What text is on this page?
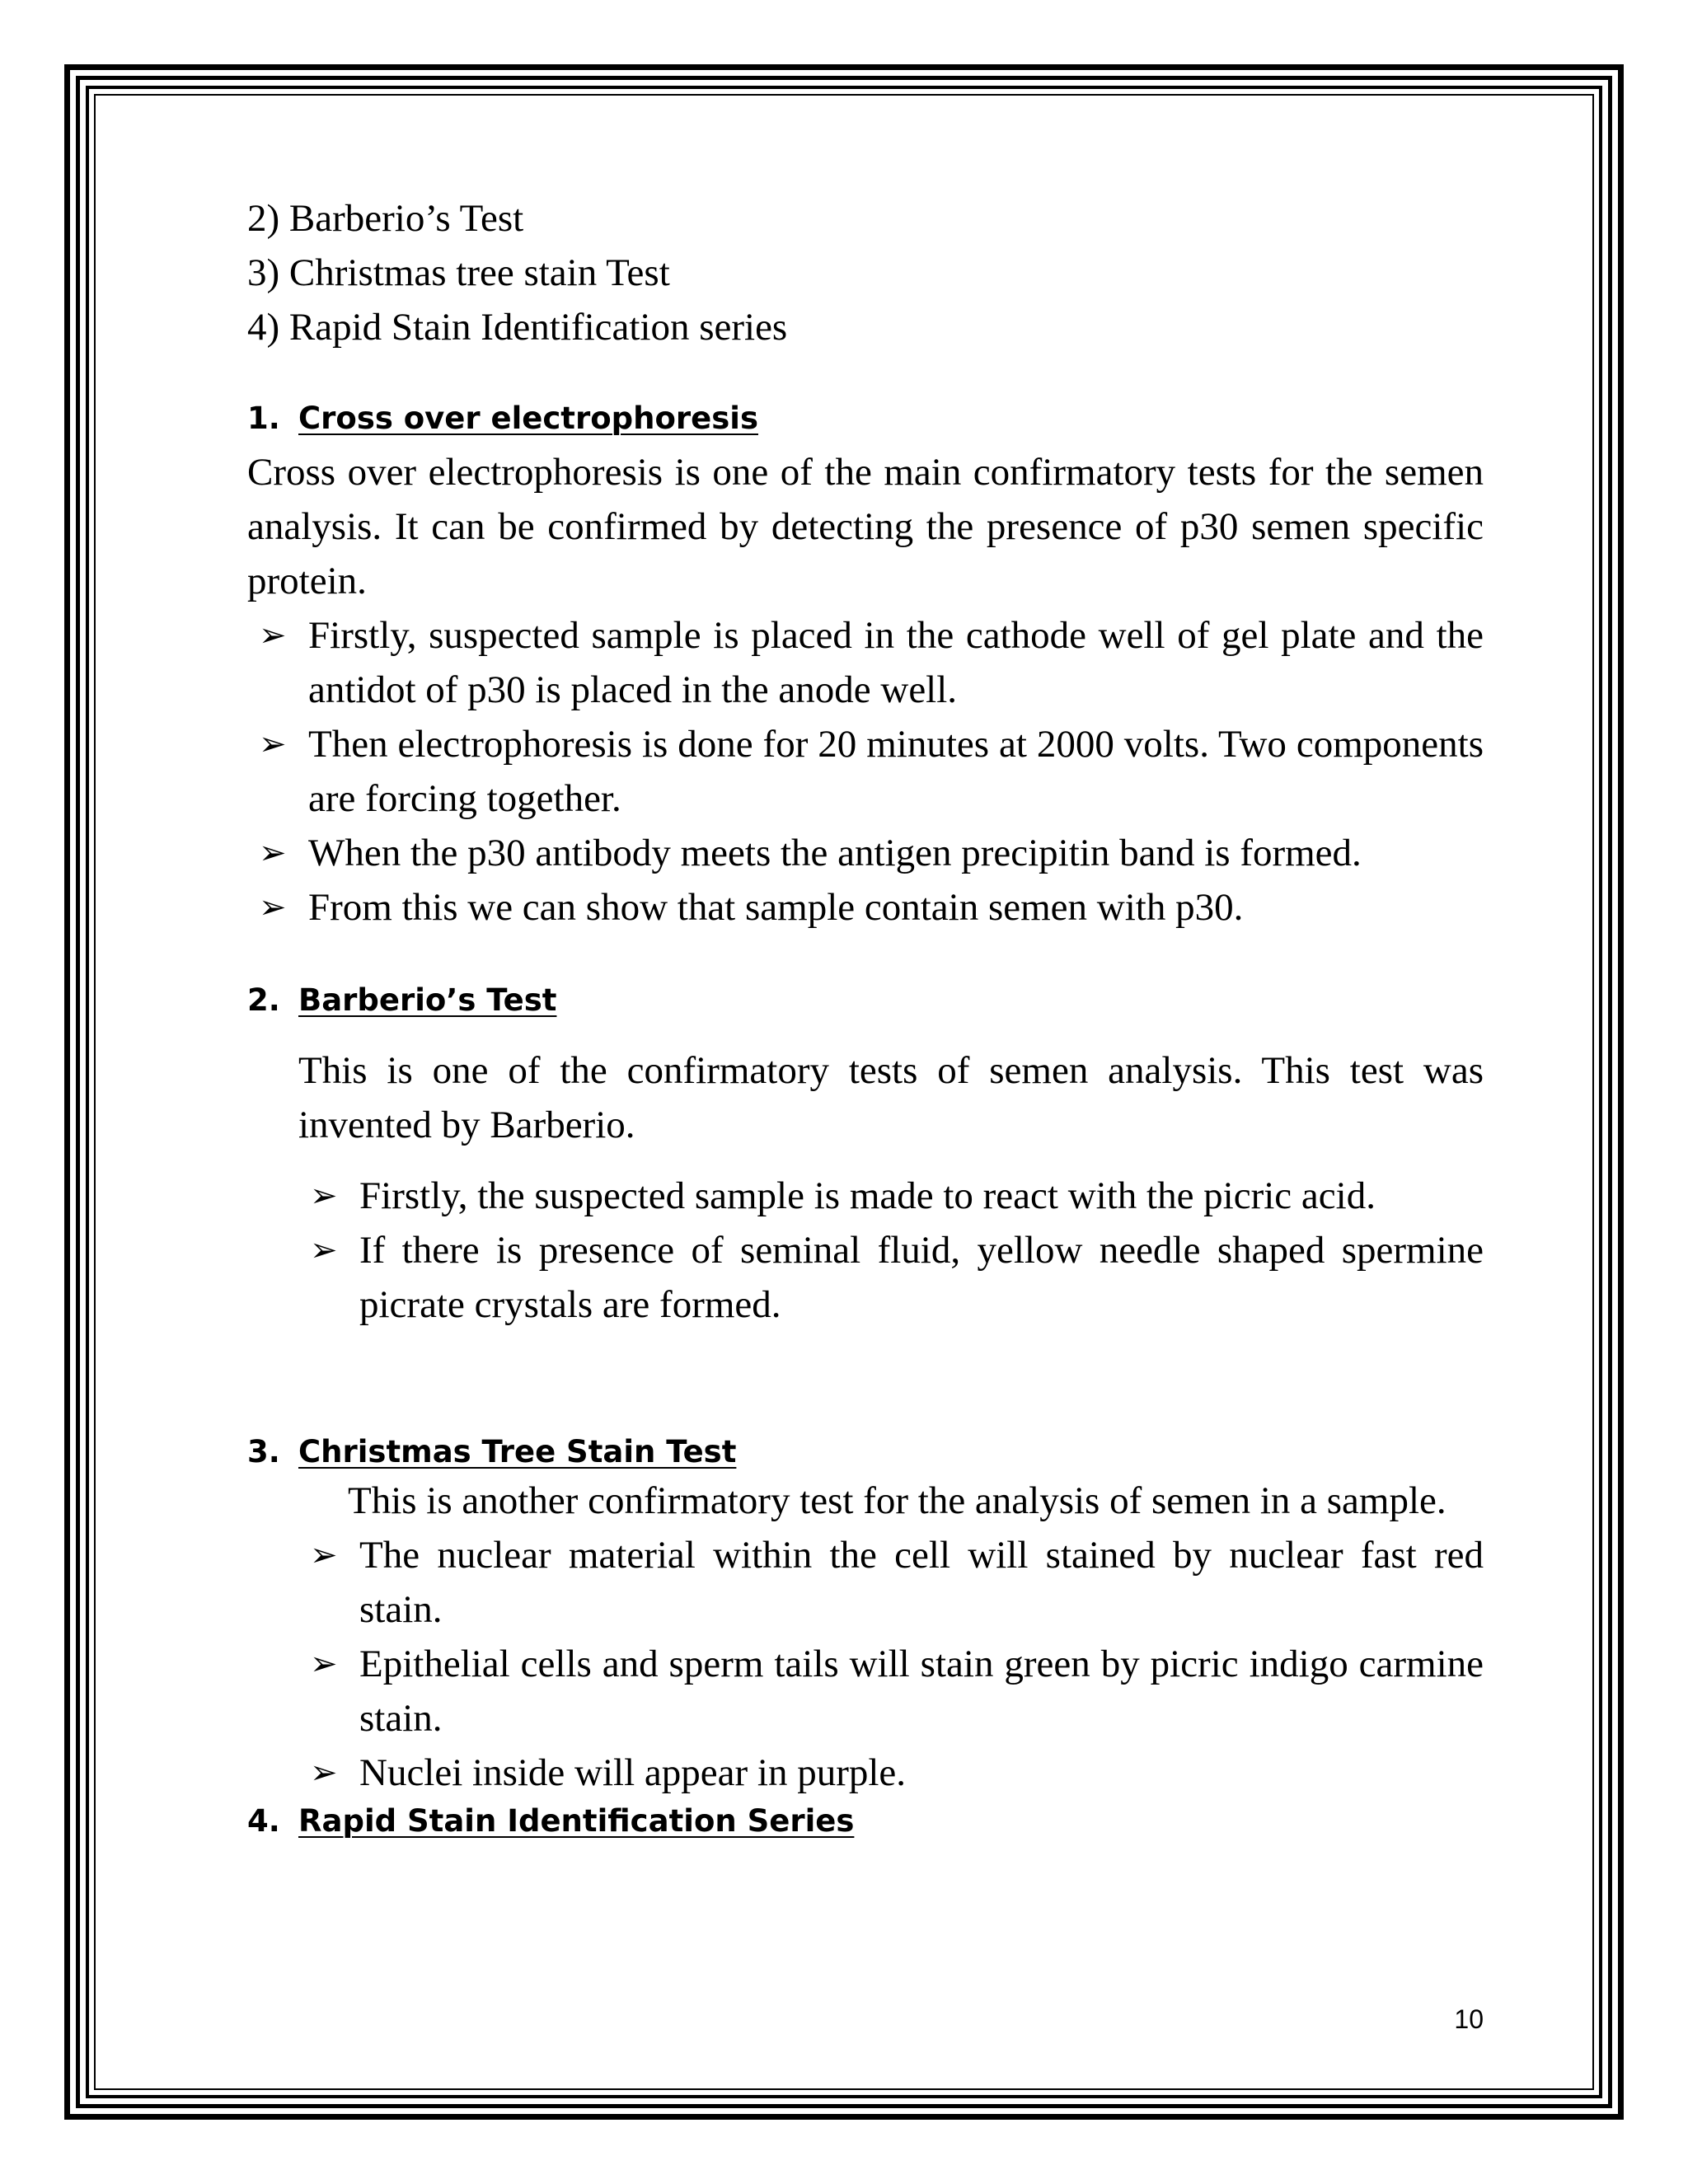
2) Barberio’s Test

3) Christmas tree stain Test

4) Rapid Stain Identification series

1. Cross over electrophoresis

Cross over electrophoresis is one of the main confirmatory tests for the semen analysis. It can be confirmed by detecting the presence of p30 semen specific protein.

➢ Firstly, suspected sample is placed in the cathode well of gel plate and the antidot of p30 is placed in the anode well.
➢ Then electrophoresis is done for 20 minutes at 2000 volts. Two components are forcing together.
➢ When the p30 antibody meets the antigen precipitin band is formed.
➢ From this we can show that sample contain semen with p30.
2. Barberio’s Test

This is one of the confirmatory tests of semen analysis. This test was invented by Barberio.

➢ Firstly, the suspected sample is made to react with the picric acid.
➢ If there is presence of seminal fluid, yellow needle shaped spermine picrate crystals are formed.
3. Christmas Tree Stain Test

This is another confirmatory test for the analysis of semen in a sample.

➢ The nuclear material within the cell will stained by nuclear fast red stain.
➢ Epithelial cells and sperm tails will stain green by picric indigo carmine stain.
➢ Nuclei inside will appear in purple.
4. Rapid Stain Identification Series
10
